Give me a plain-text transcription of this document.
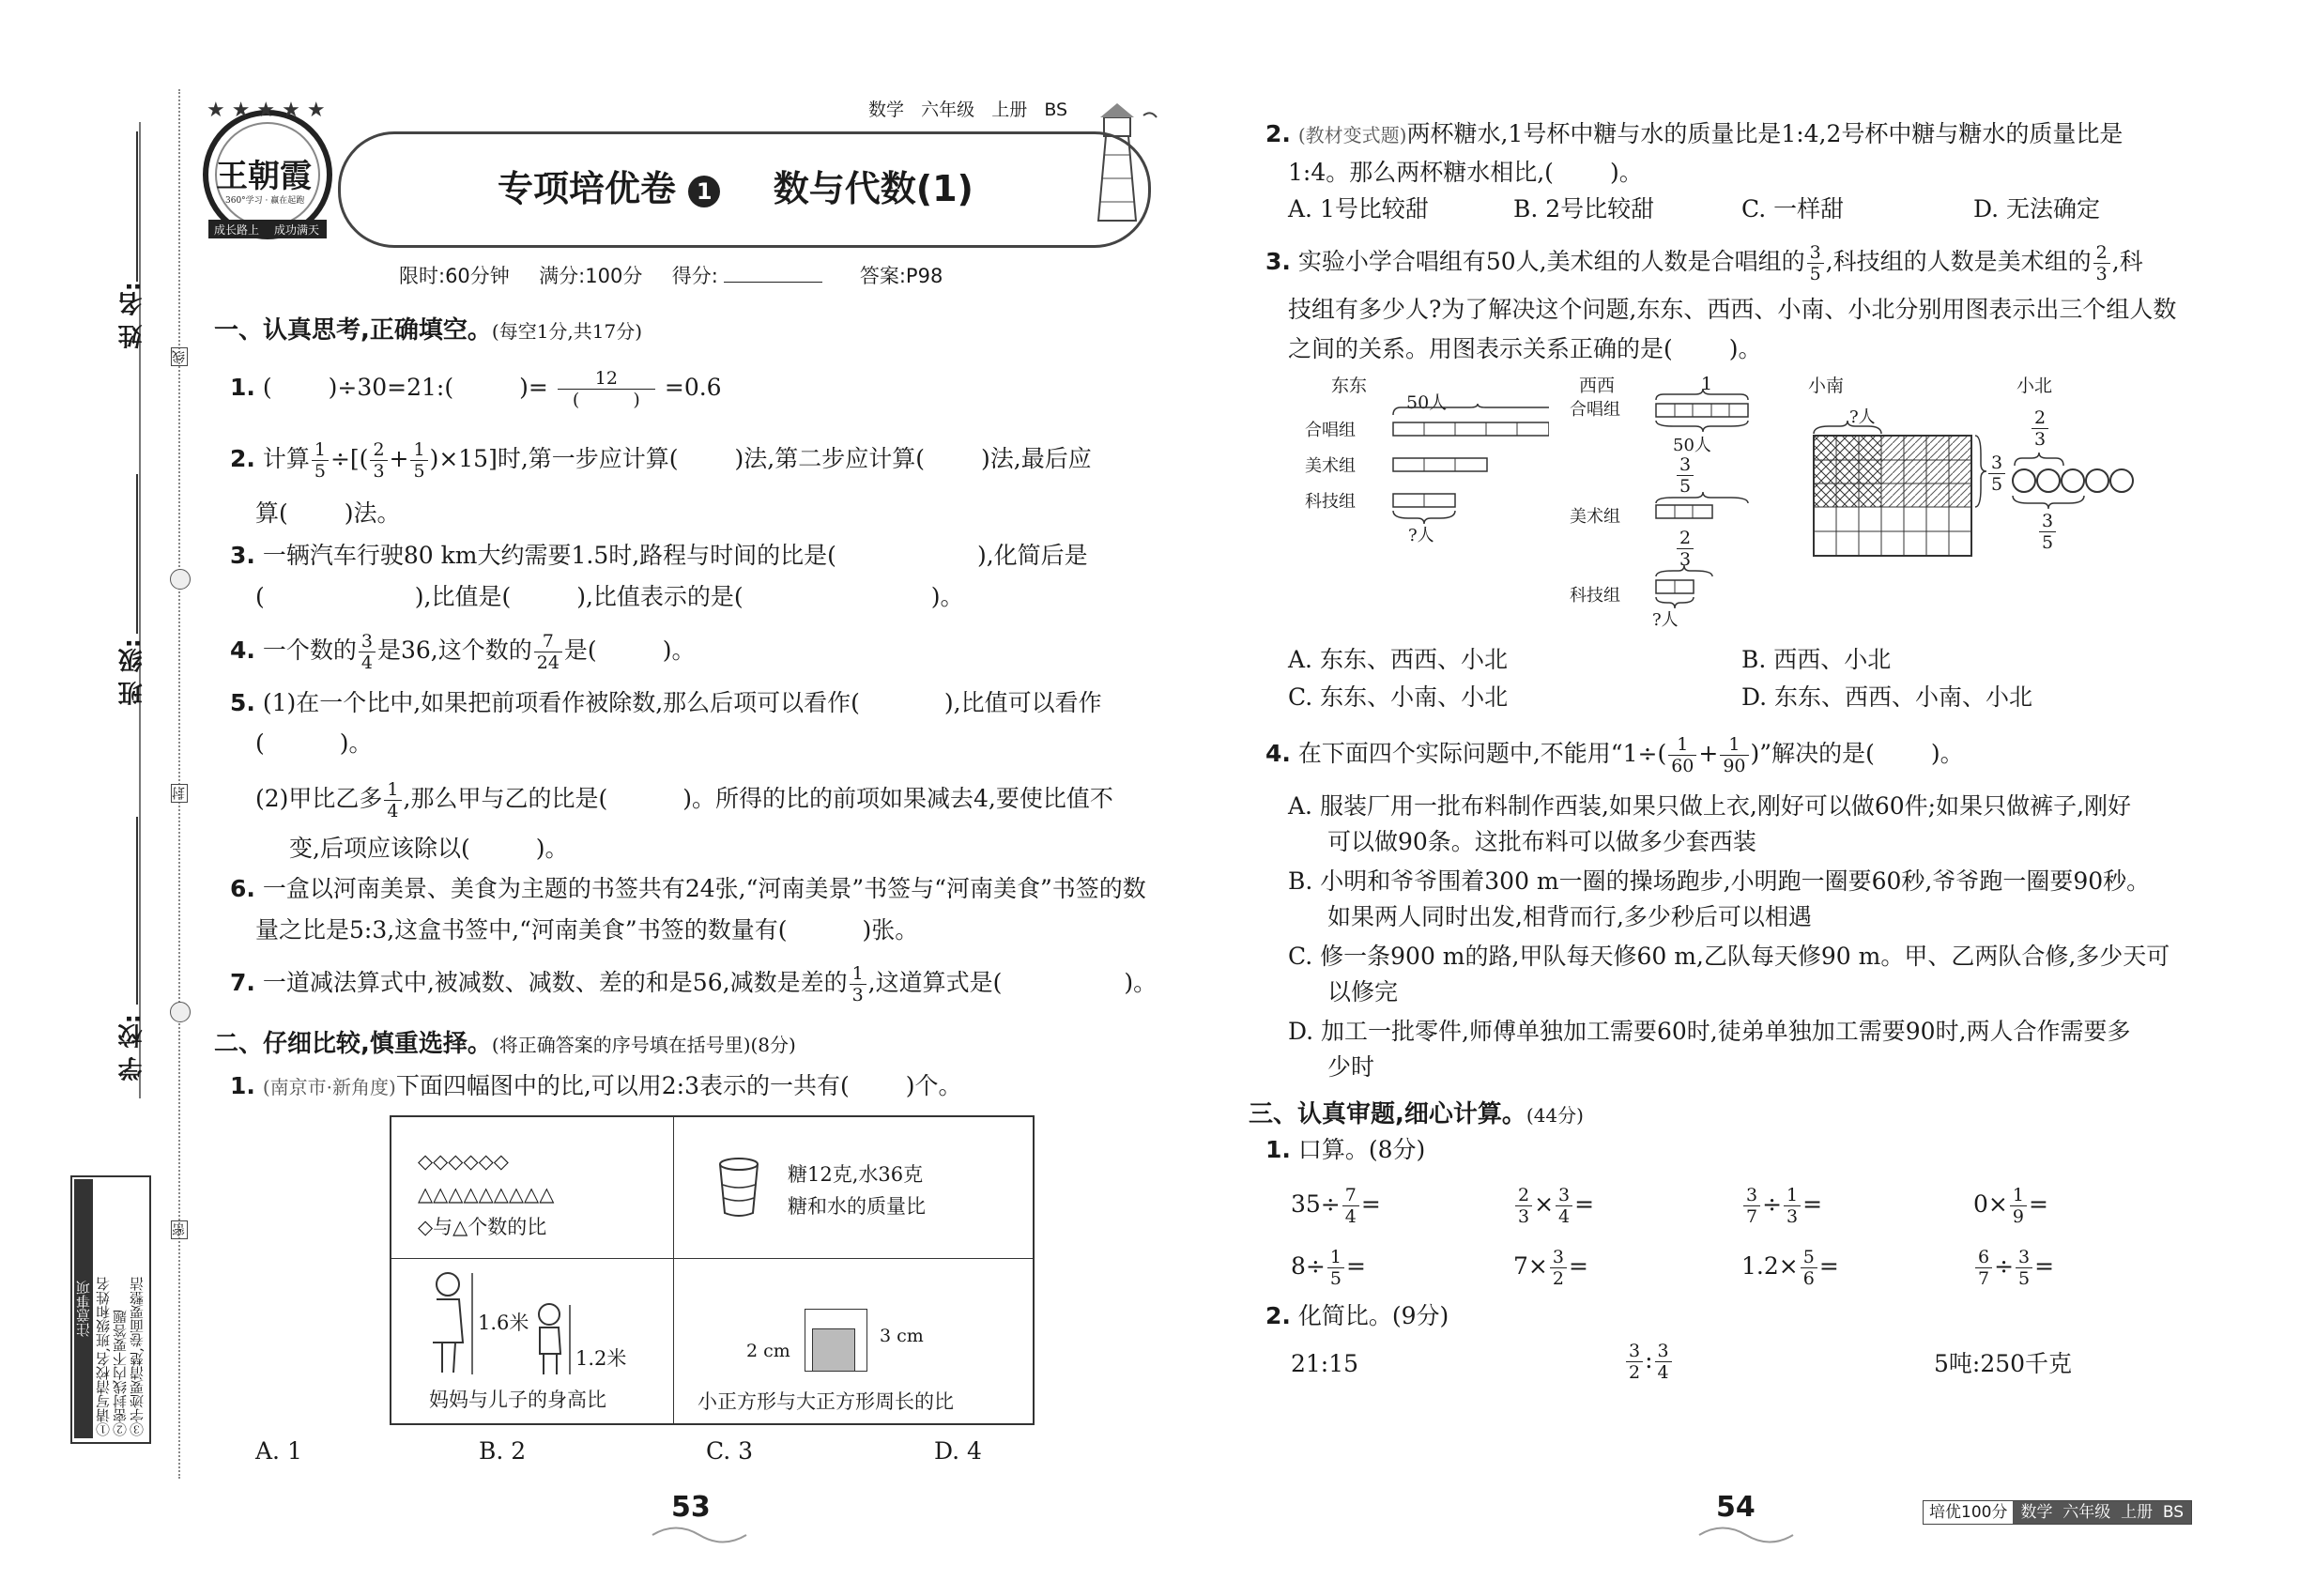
线
封
密
姓 名:
班 级:
学 校:
注意事项 ①请写清校名,班级和姓名 ②密封线内不要答题 ③字迹要清楚,卷面要整洁
★ ★ ★ ★ ★
王朝霞
360°学习 · 赢在起跑
成长路上 成功满天
数学   六年级   上册   BS
专项培优卷 1 数与代数(1)
限时:60分钟 满分:100分 得分:	答案:P98
一、认真思考,正确填空。(每空1分,共17分)
1. ( )÷30=21:(	)= $\frac{12}{( )} =0.6$
2. 计算 $\frac{1}{5}$ ÷[( $\frac{2}{3} + \frac{1}{5} )\times 15$]时,第一步应计算( )法,第二步应计算( )法,最后应
算( )法。
3. 一辆汽车行驶80 km大约需要1.5时,路程与时间的比是(	),化简后是
(	),比值是(	),比值表示的是(	)。
4. 一个数的 $\frac{3}{4}$ 是36,这个数的 $\frac{7}{24}$ 是(	)。
5. (1)在一个比中,如果把前项看作被除数,那么后项可以看作(	),比值可以看作
(	)。
(2)甲比乙多 $\frac{1}{4}$ ,那么甲与乙的比是(	)。所得的比的前项如果减去4,要使比值不
变,后项应该除以(	)。
6. 一盒以河南美景、美食为主题的书签共有24张,“河南美景”书签与“河南美食”书签的数
量之比是5:3,这盒书签中,“河南美食”书签的数量有(	)张。
7. 一道减法算式中,被减数、减数、差的和是56,减数是差的 $\frac{1}{3}$ ,这道算式是(	)。
二、仔细比较,慎重选择。(将正确答案的序号填在括号里)(8分)
1. (南京市·新角度)下面四幅图中的比,可以用2:3表示的一共有( )个。
◇◇◇◇◇◇
△△△△△△△△△
◇与△个数的比
糖12克,水36克
糖和水的质量比
1.6米
1.2米
妈妈与儿子的身高比
2 cm
3 cm
小正方形与大正方形周长的比
A. 1	B. 2	C. 3	D. 4
53
2. (教材变式题)两杯糖水,1号杯中糖与水的质量比是1:4,2号杯中糖与糖水的质量比是
1:4。那么两杯糖水相比,( )。
A. 1号比较甜	B. 2号比较甜	C. 一样甜	D. 无法确定
3. 实验小学合唱组有50人,美术组的人数是合唱组的 $\frac{3}{5}$ ,科技组的人数是美术组的 $\frac{2}{3}$ ,科
技组有多少人?为了解决这个问题,东东、西西、小南、小北分别用图表示出三个组人数
之间的关系。用图表示关系正确的是( )。
东东
50人
合唱组
美术组
科技组
?人
西西	1
合唱组
50人
$\frac{3}{5}$
美术组
$\frac{2}{3}$
科技组
?人
小南
?人
$\frac{3}{5}$
小北
$\frac{2}{3}$
$\frac{3}{5}$
A. 东东、西西、小北	B. 西西、小北
C. 东东、小南、小北	D. 东东、西西、小南、小北
4. 在下面四个实际问题中,不能用“$1\div( \frac{1}{60} + \frac{1}{90}$ )”解决的是( )。
A. 服装厂用一批布料制作西装,如果只做上衣,刚好可以做60件;如果只做裤子,刚好
可以做90条。这批布料可以做多少套西装
B. 小明和爷爷围着300 m一圈的操场跑步,小明跑一圈要60秒,爷爷跑一圈要90秒。
如果两人同时出发,相背而行,多少秒后可以相遇
C. 修一条900 m的路,甲队每天修60 m,乙队每天修90 m。甲、乙两队合修,多少天可
以修完
D. 加工一批零件,师傅单独加工需要60时,徒弟单独加工需要90时,两人合作需要多
少时
三、认真审题,细心计算。(44分)
1. 口算。(8分)
$35\div \frac{7}{4}$ =	$\frac{2}{3} \times \frac{3}{4}$ =	$\frac{3}{7} \div \frac{1}{3}$ =	$0\times \frac{1}{9}$ =
$8\div \frac{1}{5}$ =	$7\times \frac{3}{2}$ =	$1.2\times \frac{5}{6}$ =	$\frac{6}{7} \div \frac{3}{5}$ =
2. 化简比。(9分)
21:15	$\frac{3}{2}$ : $\frac{3}{4}$	5吨:250千克
54	培优100分 数学  六年级  上册  BS
